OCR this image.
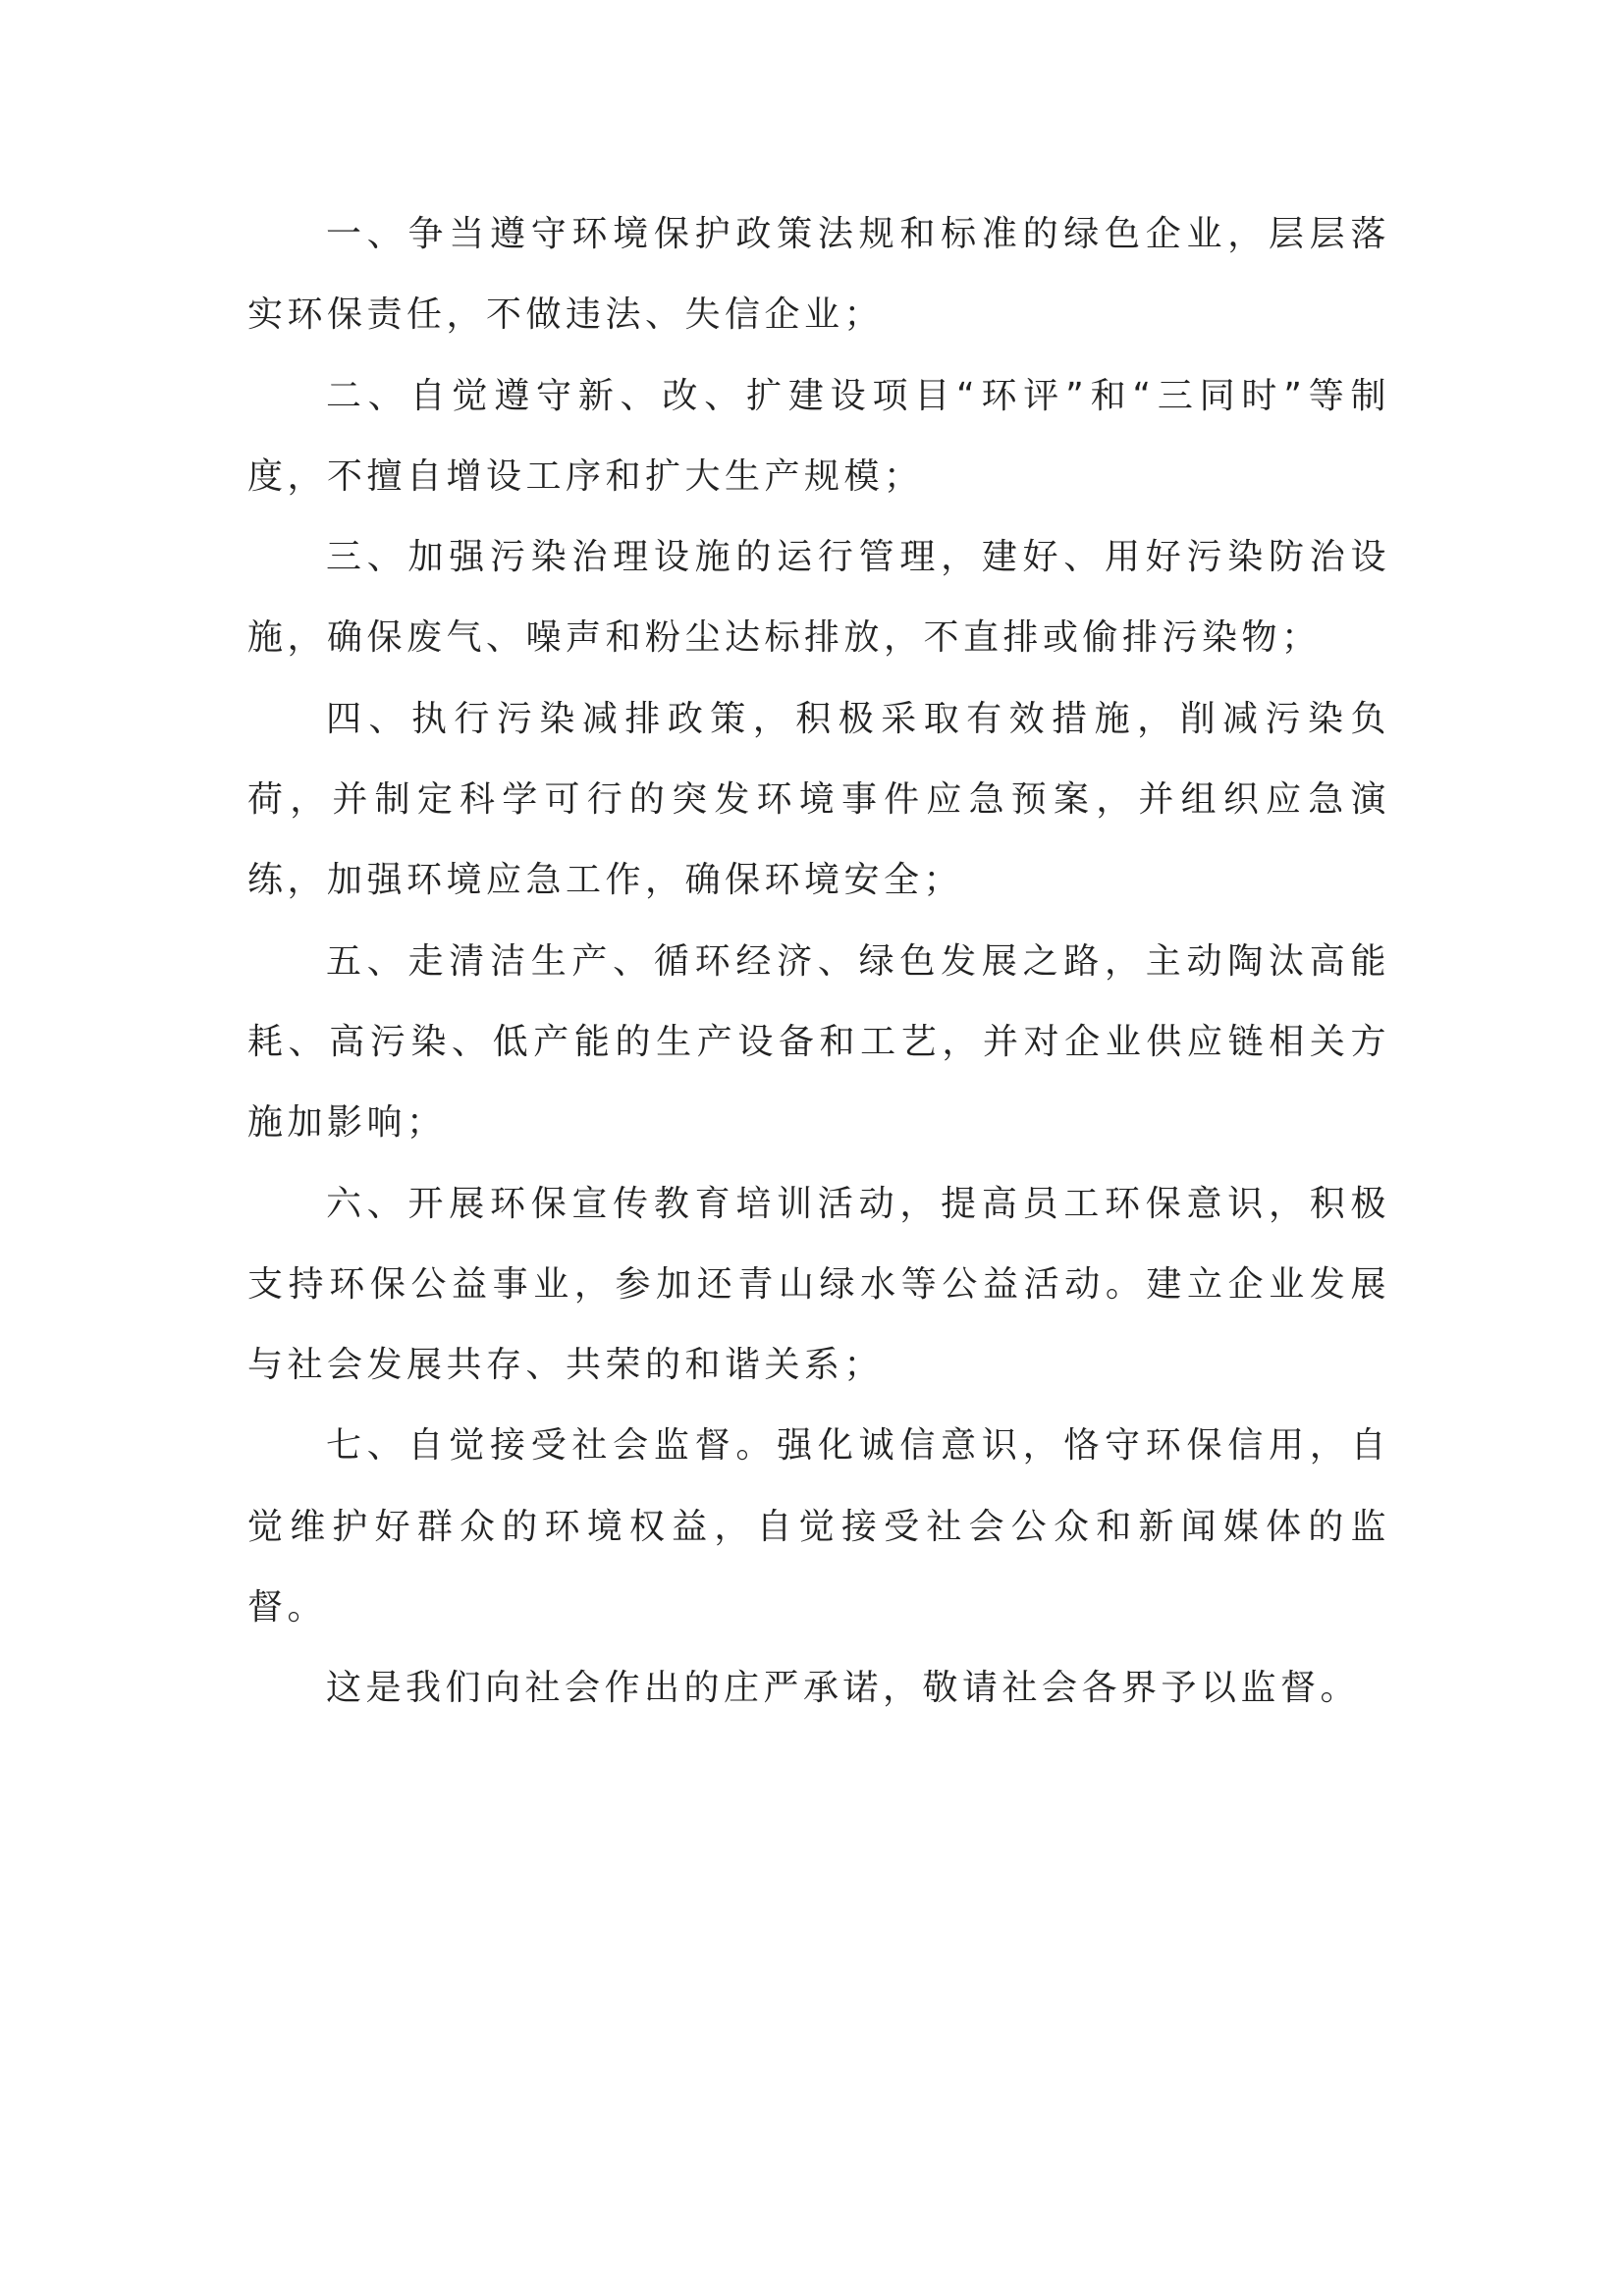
一、争当遵守环境保护政策法规和标准的绿色企业，层层落实环保责任，不做违法、失信企业；

二、自觉遵守新、改、扩建设项目“环评”和“三同时”等制度，不擅自增设工序和扩大生产规模；

三、加强污染治理设施的运行管理，建好、用好污染防治设施，确保废气、噪声和粉尘达标排放，不直排或偷排污染物；

四、执行污染减排政策，积极采取有效措施，削减污染负荷，并制定科学可行的突发环境事件应急预案，并组织应急演练，加强环境应急工作，确保环境安全；

五、走清洁生产、循环经济、绿色发展之路，主动陶汰高能耗、高污染、低产能的生产设备和工艺，并对企业供应链相关方施加影响；

六、开展环保宣传教育培训活动，提高员工环保意识，积极支持环保公益事业，参加还青山绿水等公益活动。建立企业发展与社会发展共存、共荣的和谐关系；

七、自觉接受社会监督。强化诚信意识，恪守环保信用，自觉维护好群众的环境权益，自觉接受社会公众和新闻媒体的监督。

这是我们向社会作出的庄严承诺，敬请社会各界予以监督。
